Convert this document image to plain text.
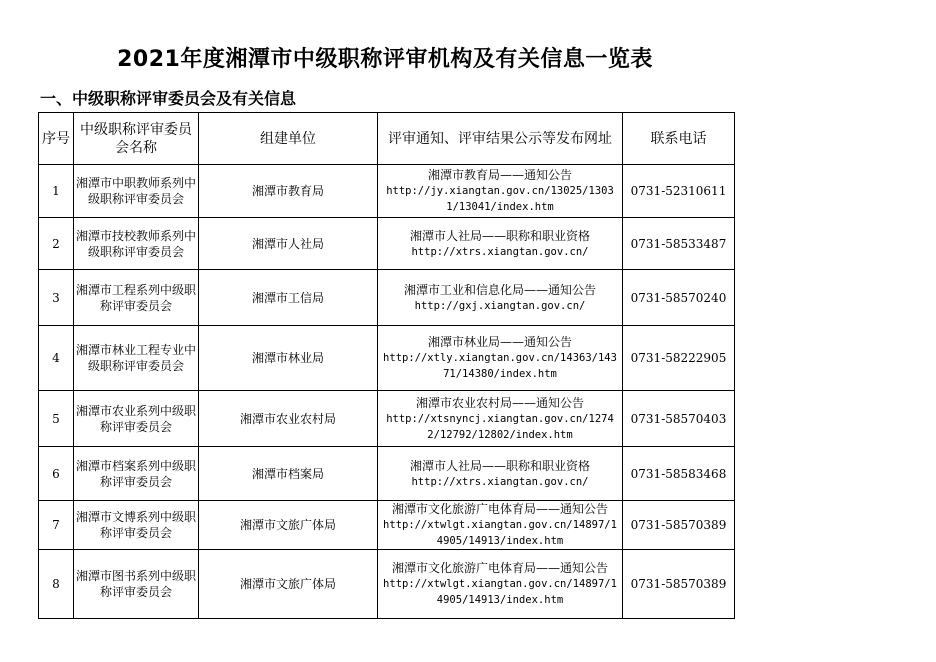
2021年度湘潭市中级职称评审机构及有关信息一览表
一、中级职称评审委员会及有关信息
序号	中级职称评审委员会名称	组建单位	评审通知、评审结果公示等发布网址	联系电话
1	湘潭市中职教师系列中级职称评审委员会	湘潭市教育局	湘潭市教育局——通知公告
http://jy.xiangtan.gov.cn/13025/13031/13041/index.htm	0731-52310611
2	湘潭市技校教师系列中级职称评审委员会	湘潭市人社局	湘潭市人社局——职称和职业资格
http://xtrs.xiangtan.gov.cn/	0731-58533487
3	湘潭市工程系列中级职称评审委员会	湘潭市工信局	湘潭市工业和信息化局——通知公告
http://gxj.xiangtan.gov.cn/	0731-58570240
4	湘潭市林业工程专业中级职称评审委员会	湘潭市林业局	湘潭市林业局——通知公告
http://xtly.xiangtan.gov.cn/14363/14371/14380/index.htm	0731-58222905
5	湘潭市农业系列中级职称评审委员会	湘潭市农业农村局	湘潭市农业农村局——通知公告
http://xtsnyncj.xiangtan.gov.cn/12742/12792/12802/index.htm	0731-58570403
6	湘潭市档案系列中级职称评审委员会	湘潭市档案局	湘潭市人社局——职称和职业资格
http://xtrs.xiangtan.gov.cn/	0731-58583468
7	湘潭市文博系列中级职称评审委员会	湘潭市文旅广体局	湘潭市文化旅游广电体育局——通知公告
http://xtwlgt.xiangtan.gov.cn/14897/14905/14913/index.htm	0731-58570389
8	湘潭市图书系列中级职称评审委员会	湘潭市文旅广体局	湘潭市文化旅游广电体育局——通知公告
http://xtwlgt.xiangtan.gov.cn/14897/14905/14913/index.htm	0731-58570389
